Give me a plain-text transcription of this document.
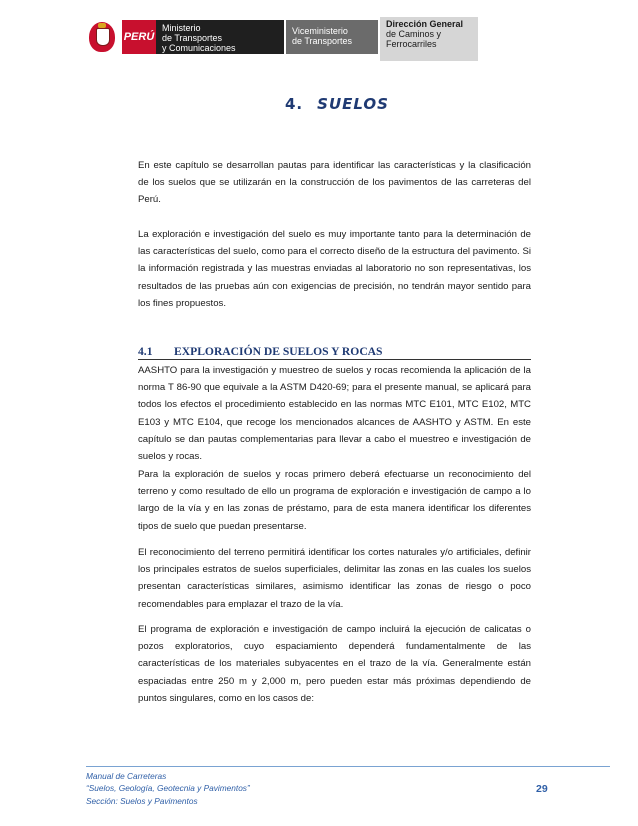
PERÚ
Ministerio
de Transportes
y Comunicaciones
Viceministerio
de Transportes
Dirección General
de Caminos y
Ferrocarriles
4. SUELOS

En este capítulo se desarrollan pautas para identificar las características y la clasificación de los suelos que se utilizarán en la construcción de los pavimentos de las carreteras del Perú.

La exploración e investigación del suelo es muy importante tanto para la determinación de las características del suelo, como para el correcto diseño de la estructura del pavimento. Si la información registrada y las muestras enviadas al laboratorio no son representativas, los resultados de las pruebas aún con exigencias de precisión, no tendrán mayor sentido para los fines propuestos.

4.1	EXPLORACIÓN DE SUELOS Y ROCAS

AASHTO para la investigación y muestreo de suelos y rocas recomienda la aplicación de la norma T 86-90 que equivale a la ASTM D420-69; para el presente manual, se aplicará para todos los efectos el procedimiento establecido en las normas MTC E101, MTC E102, MTC E103 y MTC E104, que recoge los mencionados alcances de AASHTO y ASTM. En este capítulo se dan pautas complementarias para llevar a cabo el muestreo e investigación de suelos y rocas.

Para la exploración de suelos y rocas primero deberá efectuarse un reconocimiento del terreno y como resultado de ello un programa de exploración e investigación de campo a lo largo de la vía y en las zonas de préstamo, para de esta manera identificar los diferentes tipos de suelo que puedan presentarse.

El reconocimiento del terreno permitirá identificar los cortes naturales y/o artificiales, definir los principales estratos de suelos superficiales, delimitar las zonas en las cuales los suelos presentan características similares, asimismo identificar las zonas de riesgo o poco recomendables para emplazar el trazo de la vía.

El programa de exploración e investigación de campo incluirá la ejecución de calicatas o pozos exploratorios, cuyo espaciamiento dependerá fundamentalmente de las características de los materiales subyacentes en el trazo de la vía. Generalmente están espaciadas entre 250 m y 2,000 m, pero pueden estar más próximas dependiendo de puntos singulares, como en los casos de:

Manual de Carreteras
“Suelos, Geología, Geotecnia y Pavimentos”
Sección: Suelos y Pavimentos
29
